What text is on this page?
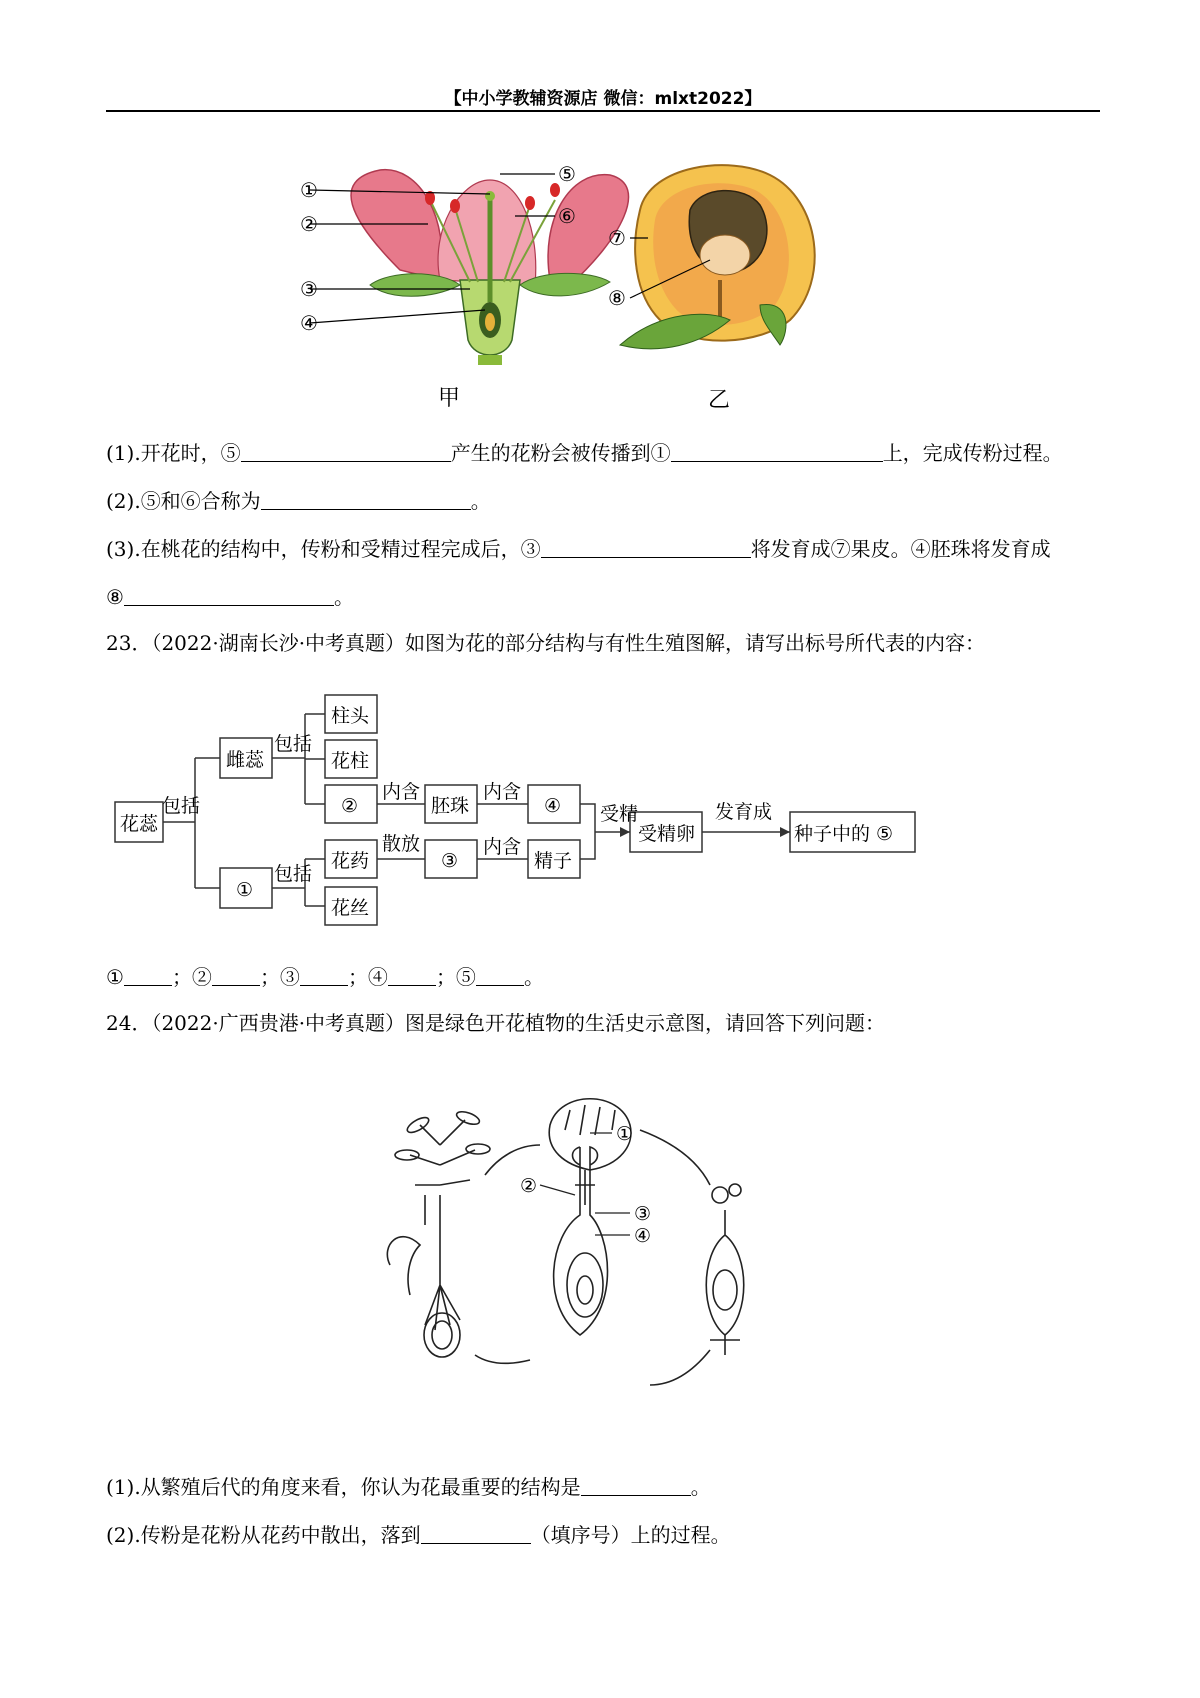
【中小学教辅资源店 微信：mlxt2022】
①
②
③
④
⑤
⑥
甲
⑦
⑧
乙
(1).开花时，⑤	产生的花粉会被传播到①	上，完成传粉过程。
(2).⑤和⑥合称为	。
(3).在桃花的结构中，传粉和受精过程完成后，③	将发育成⑦果皮。④胚珠将发育成
⑧	。
23．（2022·湖南长沙·中考真题）如图为花的部分结构与有性生殖图解，请写出标号所代表的内容：
花蕊
包括
雌蕊
包括
柱头
花柱
②
内含
胚珠
内含
④ 受精
受精卵
发育成
种子中的 ⑤
①
包括
花药
散放
③
内含
精子
花丝
① ；② ；③ ；④ ；⑤ 。
24．（2022·广西贵港·中考真题）图是绿色开花植物的生活史示意图，请回答下列问题：
①
②
③
④
(1).从繁殖后代的角度来看，你认为花最重要的结构是	。
(2).传粉是花粉从花药中散出，落到	（填序号）上的过程。
